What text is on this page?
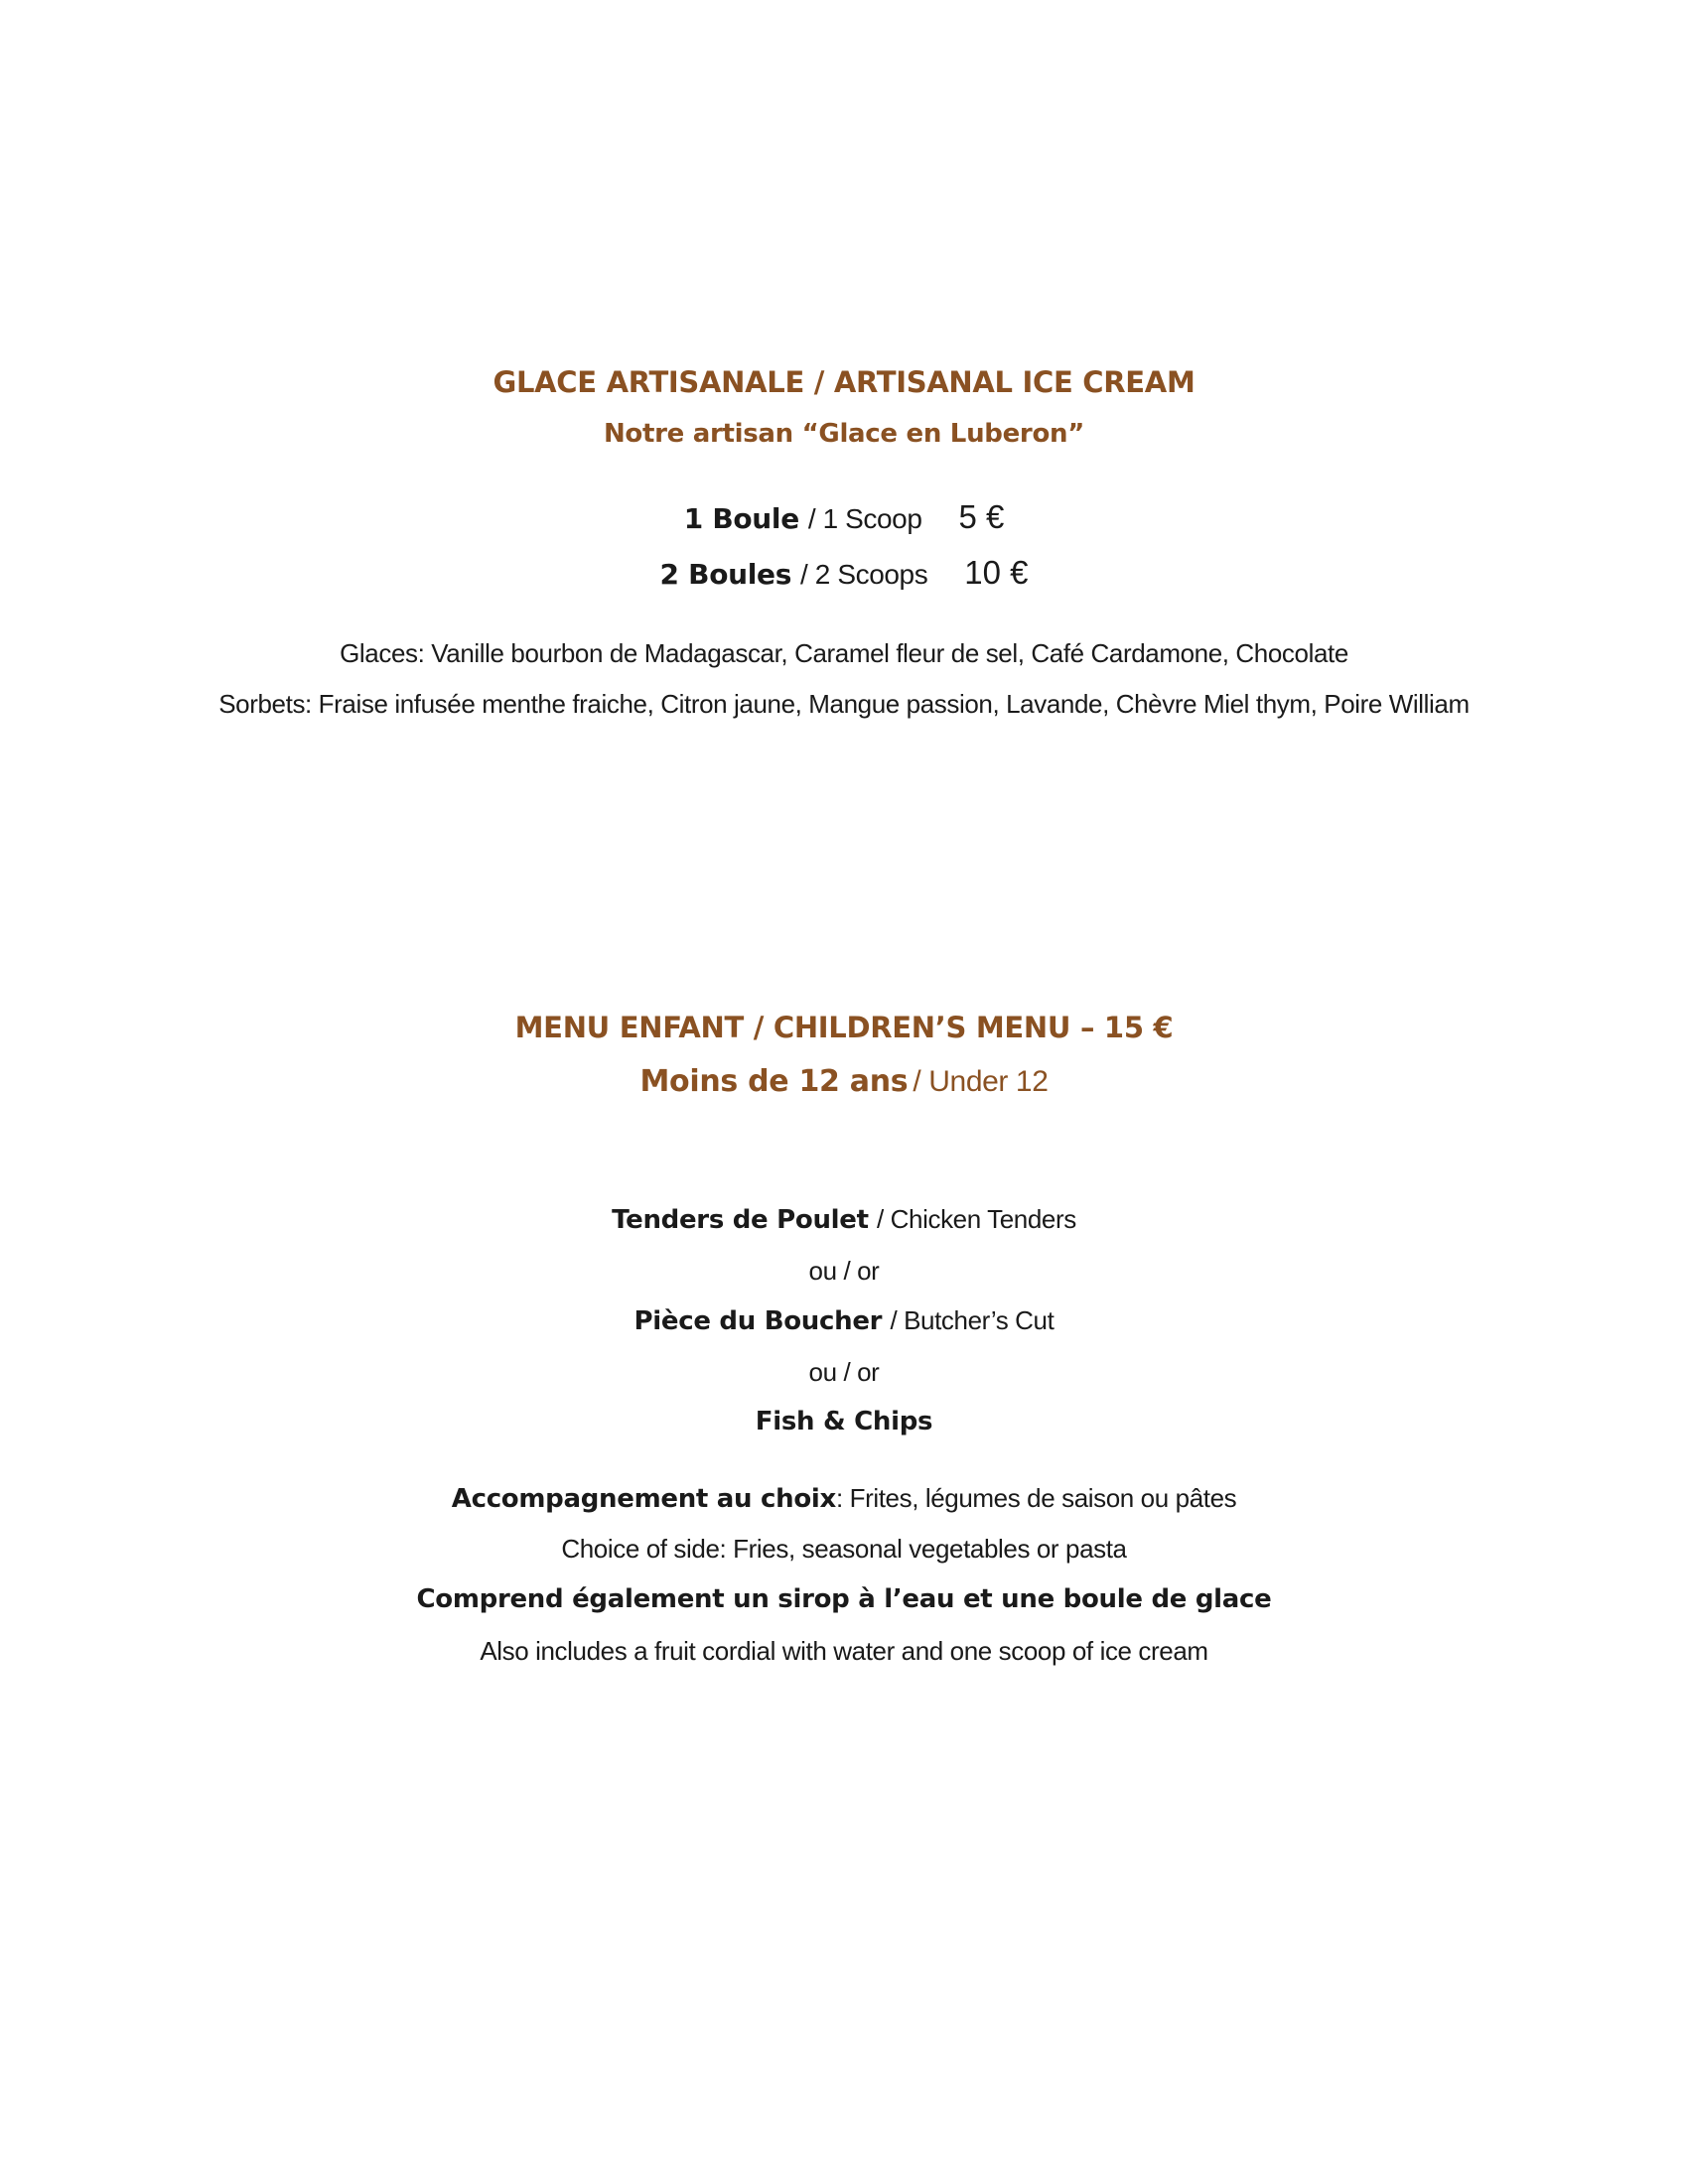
GLACE ARTISANALE / ARTISANAL ICE CREAM
Notre artisan “Glace en Luberon”
1 Boule / 1 Scoop 5 €
2 Boules / 2 Scoops 10 €
Glaces: Vanille bourbon de Madagascar, Caramel fleur de sel, Café Cardamone, Chocolate
Sorbets: Fraise infusée menthe fraiche, Citron jaune, Mangue passion, Lavande, Chèvre Miel thym, Poire William
MENU ENFANT / CHILDREN’S MENU – 15 €
Moins de 12 ans / Under 12
Tenders de Poulet / Chicken Tenders
ou / or
Pièce du Boucher / Butcher’s Cut
ou / or
Fish & Chips
Accompagnement au choix: Frites, légumes de saison ou pâtes
Choice of side: Fries, seasonal vegetables or pasta
Comprend également un sirop à l’eau et une boule de glace
Also includes a fruit cordial with water and one scoop of ice cream
